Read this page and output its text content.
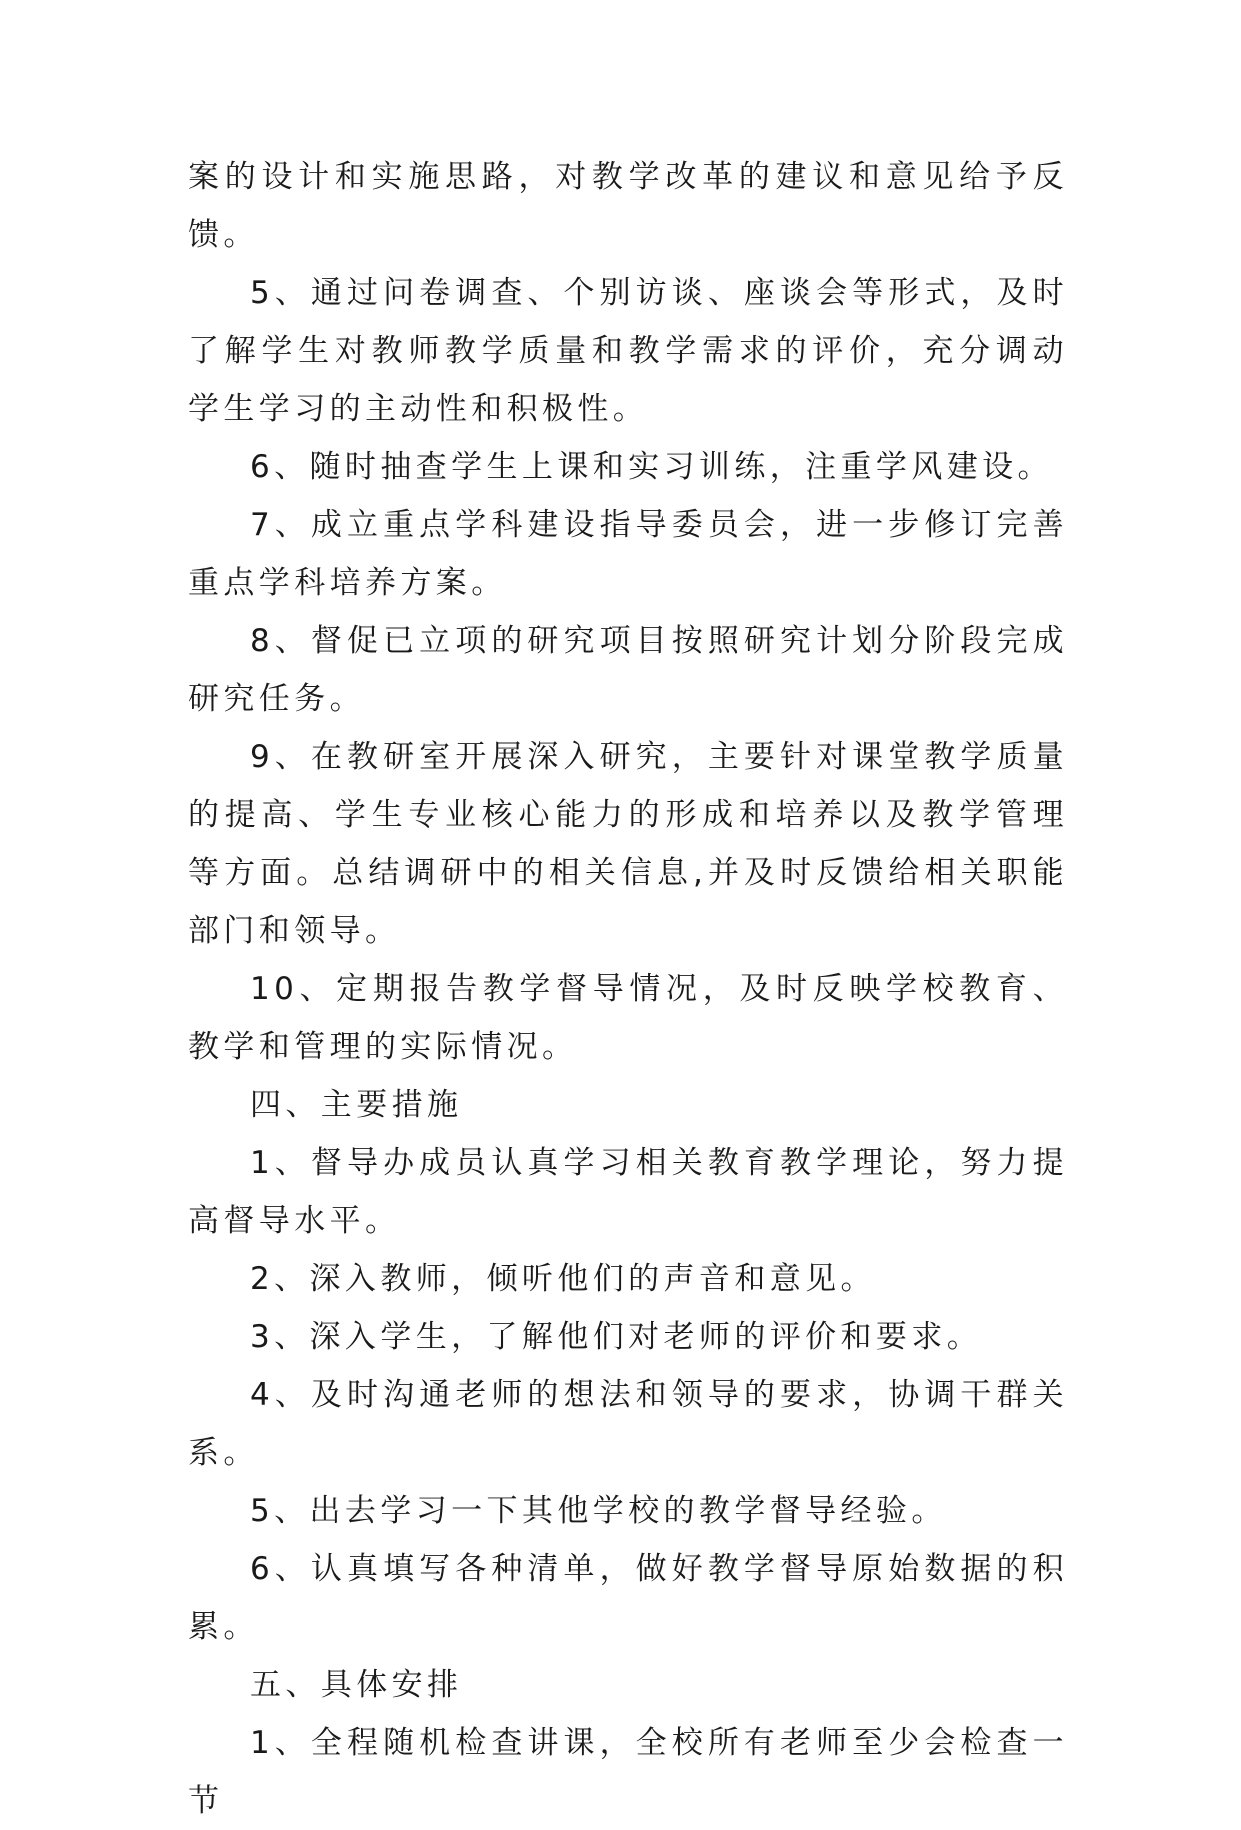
案的设计和实施思路，对教学改革的建议和意见给予反馈。

5、通过问卷调查、个别访谈、座谈会等形式，及时了解学生对教师教学质量和教学需求的评价，充分调动学生学习的主动性和积极性。

6、随时抽查学生上课和实习训练，注重学风建设。

7、成立重点学科建设指导委员会，进一步修订完善重点学科培养方案。

8、督促已立项的研究项目按照研究计划分阶段完成研究任务。

9、在教研室开展深入研究，主要针对课堂教学质量的提高、学生专业核心能力的形成和培养以及教学管理等方面。总结调研中的相关信息,并及时反馈给相关职能部门和领导。

10、定期报告教学督导情况，及时反映学校教育、教学和管理的实际情况。

四、主要措施

1、督导办成员认真学习相关教育教学理论，努力提高督导水平。

2、深入教师，倾听他们的声音和意见。

3、深入学生，了解他们对老师的评价和要求。

4、及时沟通老师的想法和领导的要求，协调干群关系。

5、出去学习一下其他学校的教学督导经验。

6、认真填写各种清单，做好教学督导原始数据的积累。

五、具体安排

1、全程随机检查讲课，全校所有老师至少会检查一节
